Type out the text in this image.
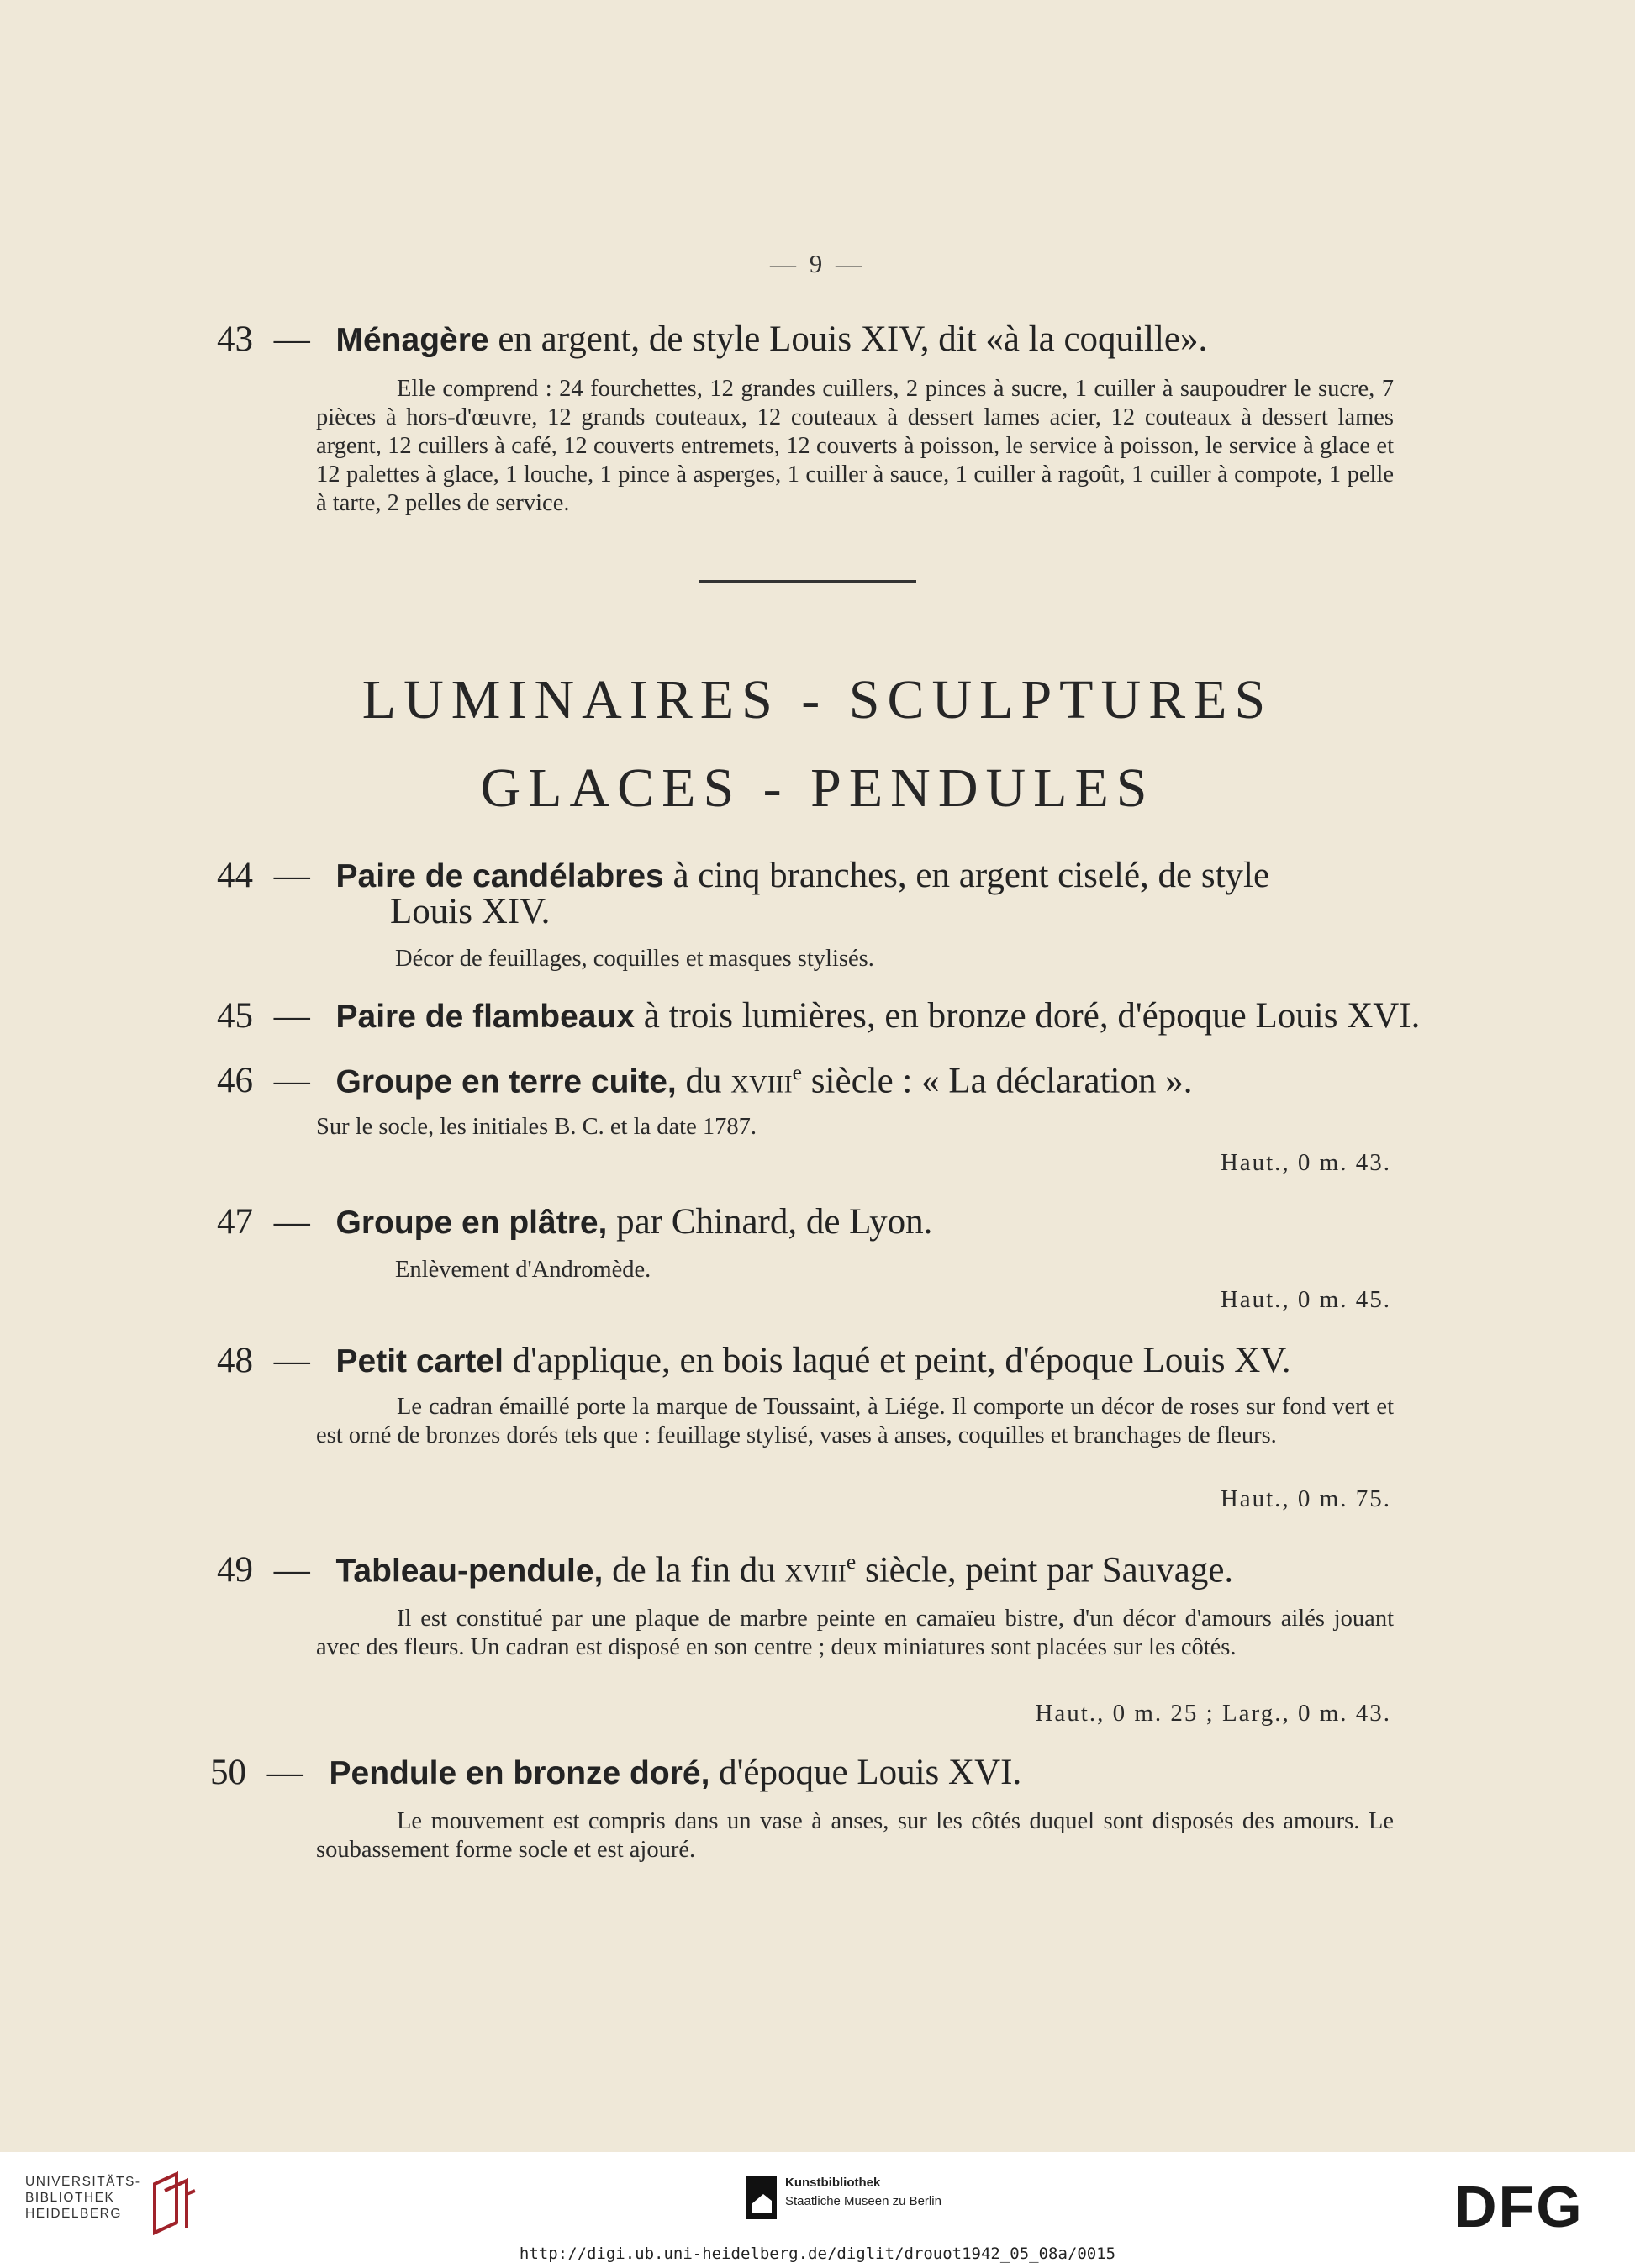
— 9 —
43 — Ménagère en argent, de style Louis XIV, dit «à la coquille».
Elle comprend : 24 fourchettes, 12 grandes cuillers, 2 pinces à sucre, 1 cuiller à saupoudrer le sucre, 7 pièces à hors-d'œuvre, 12 grands couteaux, 12 couteaux à dessert lames acier, 12 couteaux à dessert lames argent, 12 cuillers à café, 12 couverts entremets, 12 couverts à poisson, le service à poisson, le service à glace et 12 palettes à glace, 1 louche, 1 pince à asperges, 1 cuiller à sauce, 1 cuiller à ragoût, 1 cuiller à compote, 1 pelle à tarte, 2 pelles de service.
LUMINAIRES - SCULPTURES
GLACES - PENDULES
44 — Paire de candélabres à cinq branches, en argent ciselé, de style
Louis XIV.
Décor de feuillages, coquilles et masques stylisés.
45 — Paire de flambeaux à trois lumières, en bronze doré, d'époque Louis XVI.
46 — Groupe en terre cuite, du xviii$^e$ siècle : « La déclaration ».
Sur le socle, les initiales B. C. et la date 1787.
Haut., 0 m. 43.
47 — Groupe en plâtre, par Chinard, de Lyon.
Enlèvement d'Andromède.
Haut., 0 m. 45.
48 — Petit cartel d'applique, en bois laqué et peint, d'époque Louis XV.
Le cadran émaillé porte la marque de Toussaint, à Liége. Il comporte un décor de roses sur fond vert et est orné de bronzes dorés tels que : feuillage stylisé, vases à anses, coquilles et branchages de fleurs.
Haut., 0 m. 75.
49 — Tableau-pendule, de la fin du xviii$^e$ siècle, peint par Sauvage.
Il est constitué par une plaque de marbre peinte en camaïeu bistre, d'un décor d'amours ailés jouant avec des fleurs. Un cadran est disposé en son centre ; deux miniatures sont placées sur les côtés.
Haut., 0 m. 25 ; Larg., 0 m. 43.
50 — Pendule en bronze doré, d'époque Louis XVI.
Le mouvement est compris dans un vase à anses, sur les côtés duquel sont disposés des amours. Le soubassement forme socle et est ajouré.
UNIVERSITÄTS-
BIBLIOTHEK
HEIDELBERG
Kunstbibliothek
Staatliche Museen zu Berlin	DFG
http://digi.ub.uni-heidelberg.de/diglit/drouot1942_05_08a/0015
